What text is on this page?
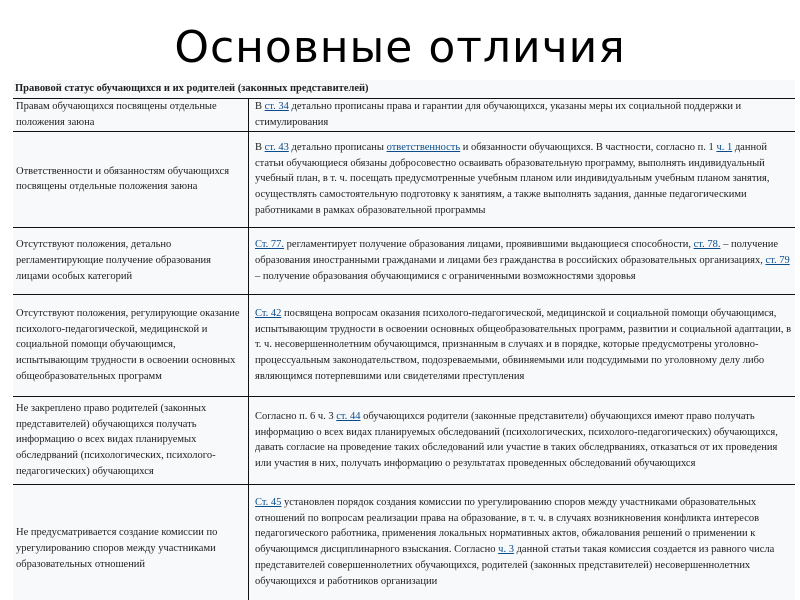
Основные отличия
Правовой статус обучающихся и их родителей (законных представителей)	
Правам обучающихся посвящены отдельные положения заюна	В ст. 34 детально прописаны права и гарантии для обучающихся, указаны меры их социальной поддержки и стимулирования
Ответственности и обязанностям обучающихся посвящены отдельные положения заюна	В ст. 43 детально прописаны ответственность и обязанности обучающихся. В частности, согласно п. 1 ч. 1 данной статьи обучающиеся обязаны добросовестно осваивать образовательную программу, выполнять индивидуальный учебный план, в т. ч. посещать предусмотренные учебным планом или индивидуальным учебным планом занятия, осуществлять самостоятельную подготовку к занятиям, а также выполнять задания, данные педагогическими работниками в рамках образовательной программы
Отсутствуют положения, детально регламентирующие получение образования лицами особых категорий	Ст. 77. регламентирует получение образования лицами, проявившими выдающиеся способности, ст. 78. – получение образования иностранными гражданами и лицами без гражданства в российских образовательных организациях, ст. 79 – получение образования обучающимися с ограниченными возможностями здоровья
Отсутствуют положения, регулирующие оказание психолого-педагогической, медицинской и социальной помощи обучающимся, испытывающим трудности в освоении основных общеобразовательных программ	Ст. 42 посвящена вопросам оказания психолого-педагогической, медицинской и социальной помощи обучающимся, испытывающим трудности в освоении основных общеобразовательных программ, развитии и социальной адаптации, в т. ч. несовершеннолетним обучающимся, признанным в случаях и в порядке, которые предусмотрены уголовно-процессуальным законодательством, подозреваемыми, обвиняемыми или подсудимыми по уголовному делу либо являющимся потерпевшими или свидетелями преступления
Не закреплено право родителей (законных представителей) обучающихся получать информацию о всех видах планируемых обследрваний (психологических, психолого-педагогических) обучающихся	Согласно п. 6 ч. 3 ст. 44 обучающихся родители (законные представители) обучающихся имеют право получать информацию о всех видах планируемых обследований (психологических, психолого-педагогических) обучающихся, давать согласие на проведение таких обследований или участие в таких обследрваниях, отказаться от их проведения или участия в них, получать информацию о результатах проведенных обследований обучающихся
Не предусматривается создание комиссии по урегулированию споров между участниками образовательных отношений	Ст. 45 установлен порядок создания комиссии по урегулированию споров между участниками образовательных отношений по вопросам реализации права на образование, в т. ч. в случаях возникновения конфликта интересов педагогического работника, применения локальных нормативных актов, обжалования решений о применении к обучающимся дисциплинарного взыскания. Согласно ч. 3 данной статьи такая комиссия создается из равного числа представителей совершеннолетних обучающихся, родителей (законных представителей) несовершеннолетних обучающихся и работников организации
